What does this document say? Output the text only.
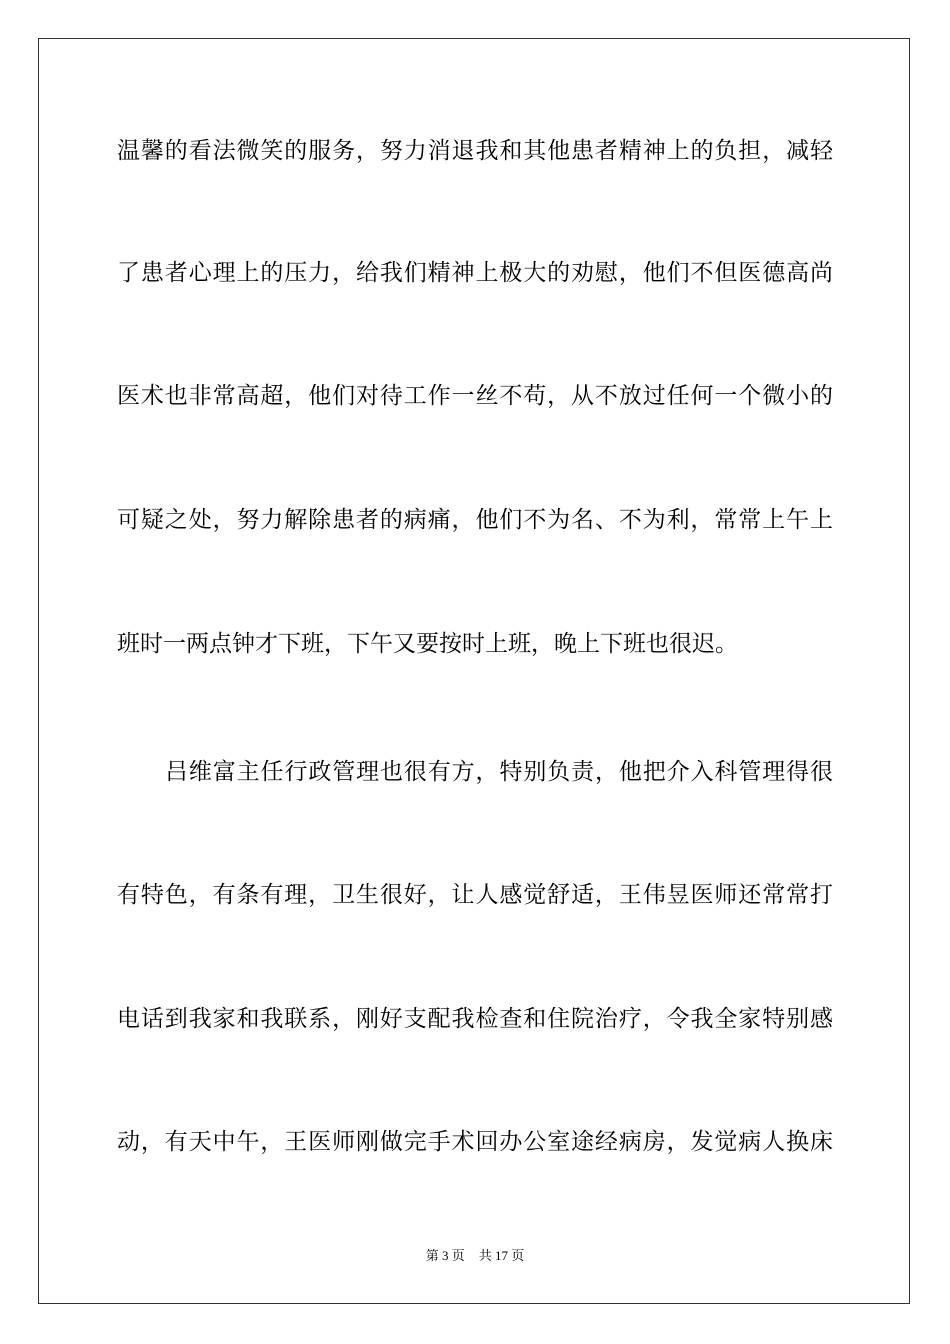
温馨的看法微笑的服务，努力消退我和其他患者精神上的负担，减轻
了患者心理上的压力，给我们精神上极大的劝慰，他们不但医德高尚
医术也非常高超，他们对待工作一丝不苟，从不放过任何一个微小的
可疑之处，努力解除患者的病痛，他们不为名、不为利，常常上午上
班时一两点钟才下班，下午又要按时上班，晚上下班也很迟。
吕维富主任行政管理也很有方，特别负责，他把介入科管理得很
有特色，有条有理，卫生很好，让人感觉舒适，王伟昱医师还常常打
电话到我家和我联系，刚好支配我检查和住院治疗，令我全家特别感
动，有天中午，王医师刚做完手术回办公室途经病房，发觉病人换床
第 3 页 共 17 页
